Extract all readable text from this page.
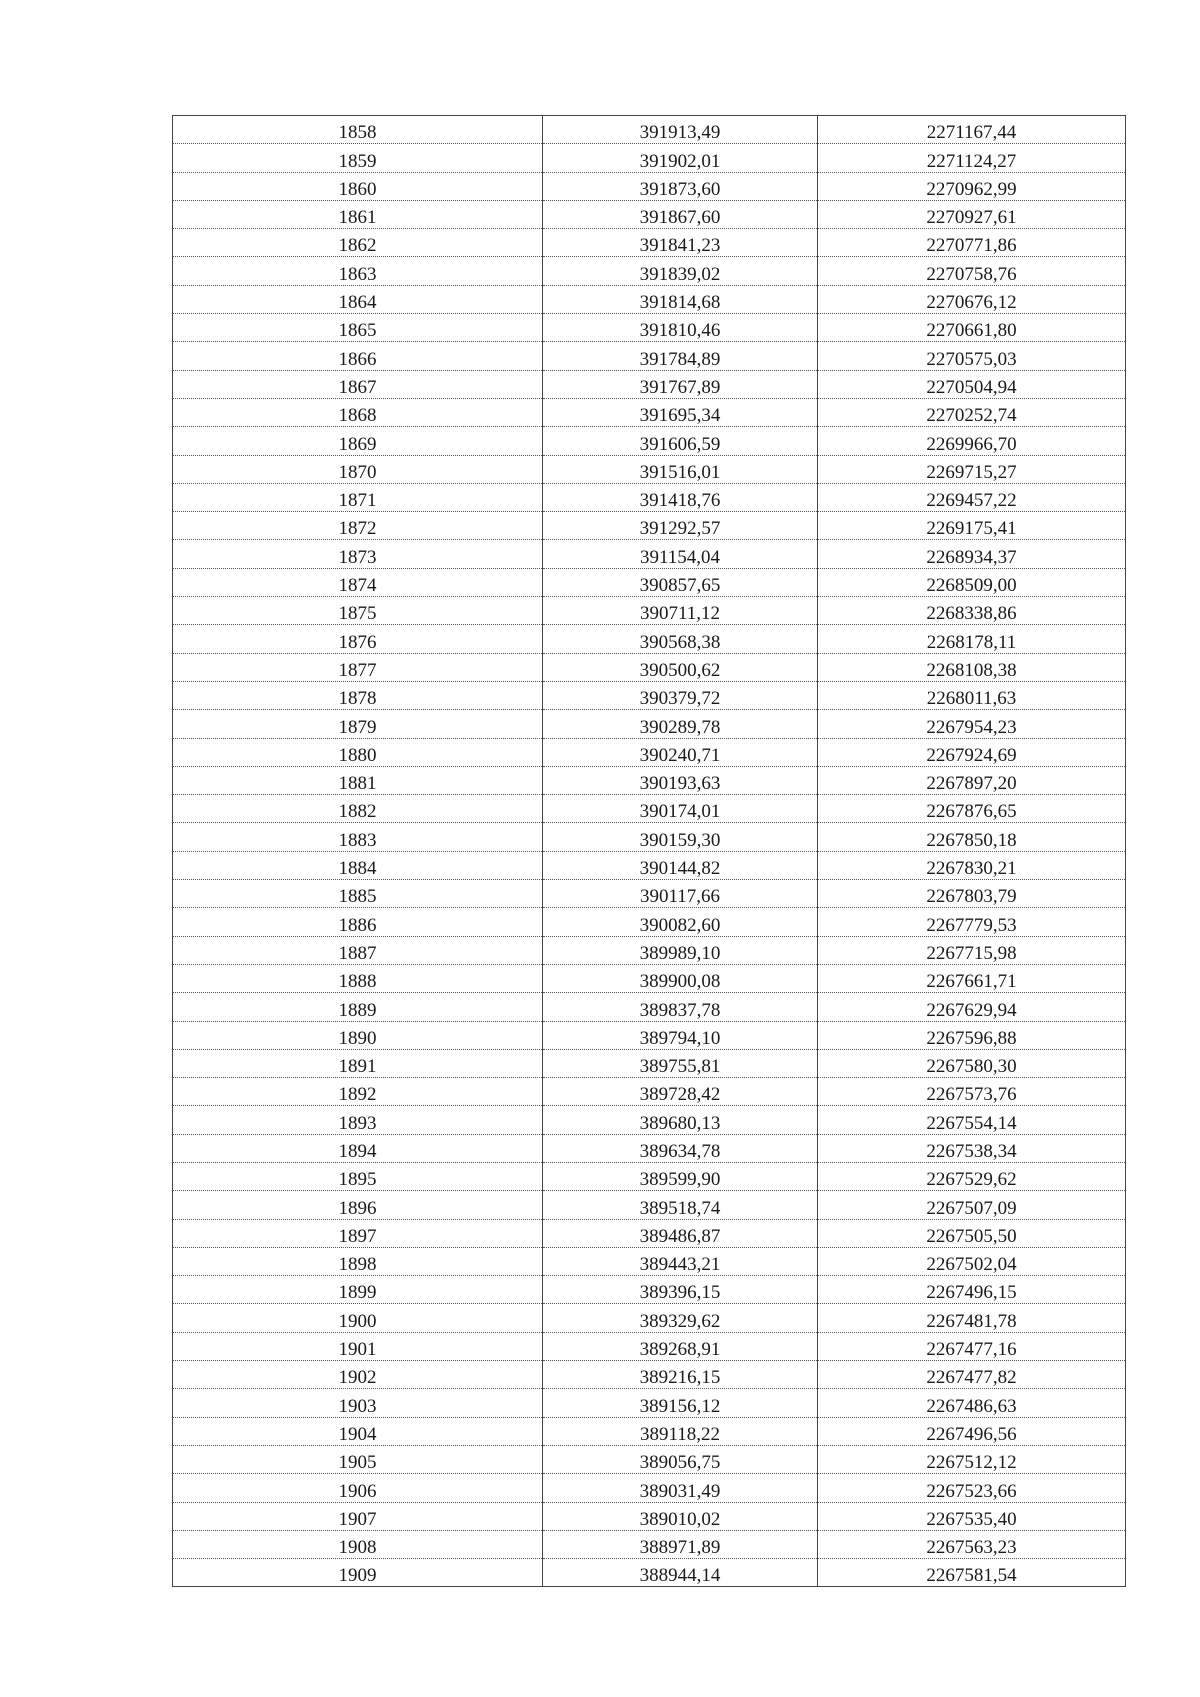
1858	391913,49	2271167,44
1859	391902,01	2271124,27
1860	391873,60	2270962,99
1861	391867,60	2270927,61
1862	391841,23	2270771,86
1863	391839,02	2270758,76
1864	391814,68	2270676,12
1865	391810,46	2270661,80
1866	391784,89	2270575,03
1867	391767,89	2270504,94
1868	391695,34	2270252,74
1869	391606,59	2269966,70
1870	391516,01	2269715,27
1871	391418,76	2269457,22
1872	391292,57	2269175,41
1873	391154,04	2268934,37
1874	390857,65	2268509,00
1875	390711,12	2268338,86
1876	390568,38	2268178,11
1877	390500,62	2268108,38
1878	390379,72	2268011,63
1879	390289,78	2267954,23
1880	390240,71	2267924,69
1881	390193,63	2267897,20
1882	390174,01	2267876,65
1883	390159,30	2267850,18
1884	390144,82	2267830,21
1885	390117,66	2267803,79
1886	390082,60	2267779,53
1887	389989,10	2267715,98
1888	389900,08	2267661,71
1889	389837,78	2267629,94
1890	389794,10	2267596,88
1891	389755,81	2267580,30
1892	389728,42	2267573,76
1893	389680,13	2267554,14
1894	389634,78	2267538,34
1895	389599,90	2267529,62
1896	389518,74	2267507,09
1897	389486,87	2267505,50
1898	389443,21	2267502,04
1899	389396,15	2267496,15
1900	389329,62	2267481,78
1901	389268,91	2267477,16
1902	389216,15	2267477,82
1903	389156,12	2267486,63
1904	389118,22	2267496,56
1905	389056,75	2267512,12
1906	389031,49	2267523,66
1907	389010,02	2267535,40
1908	388971,89	2267563,23
1909	388944,14	2267581,54
